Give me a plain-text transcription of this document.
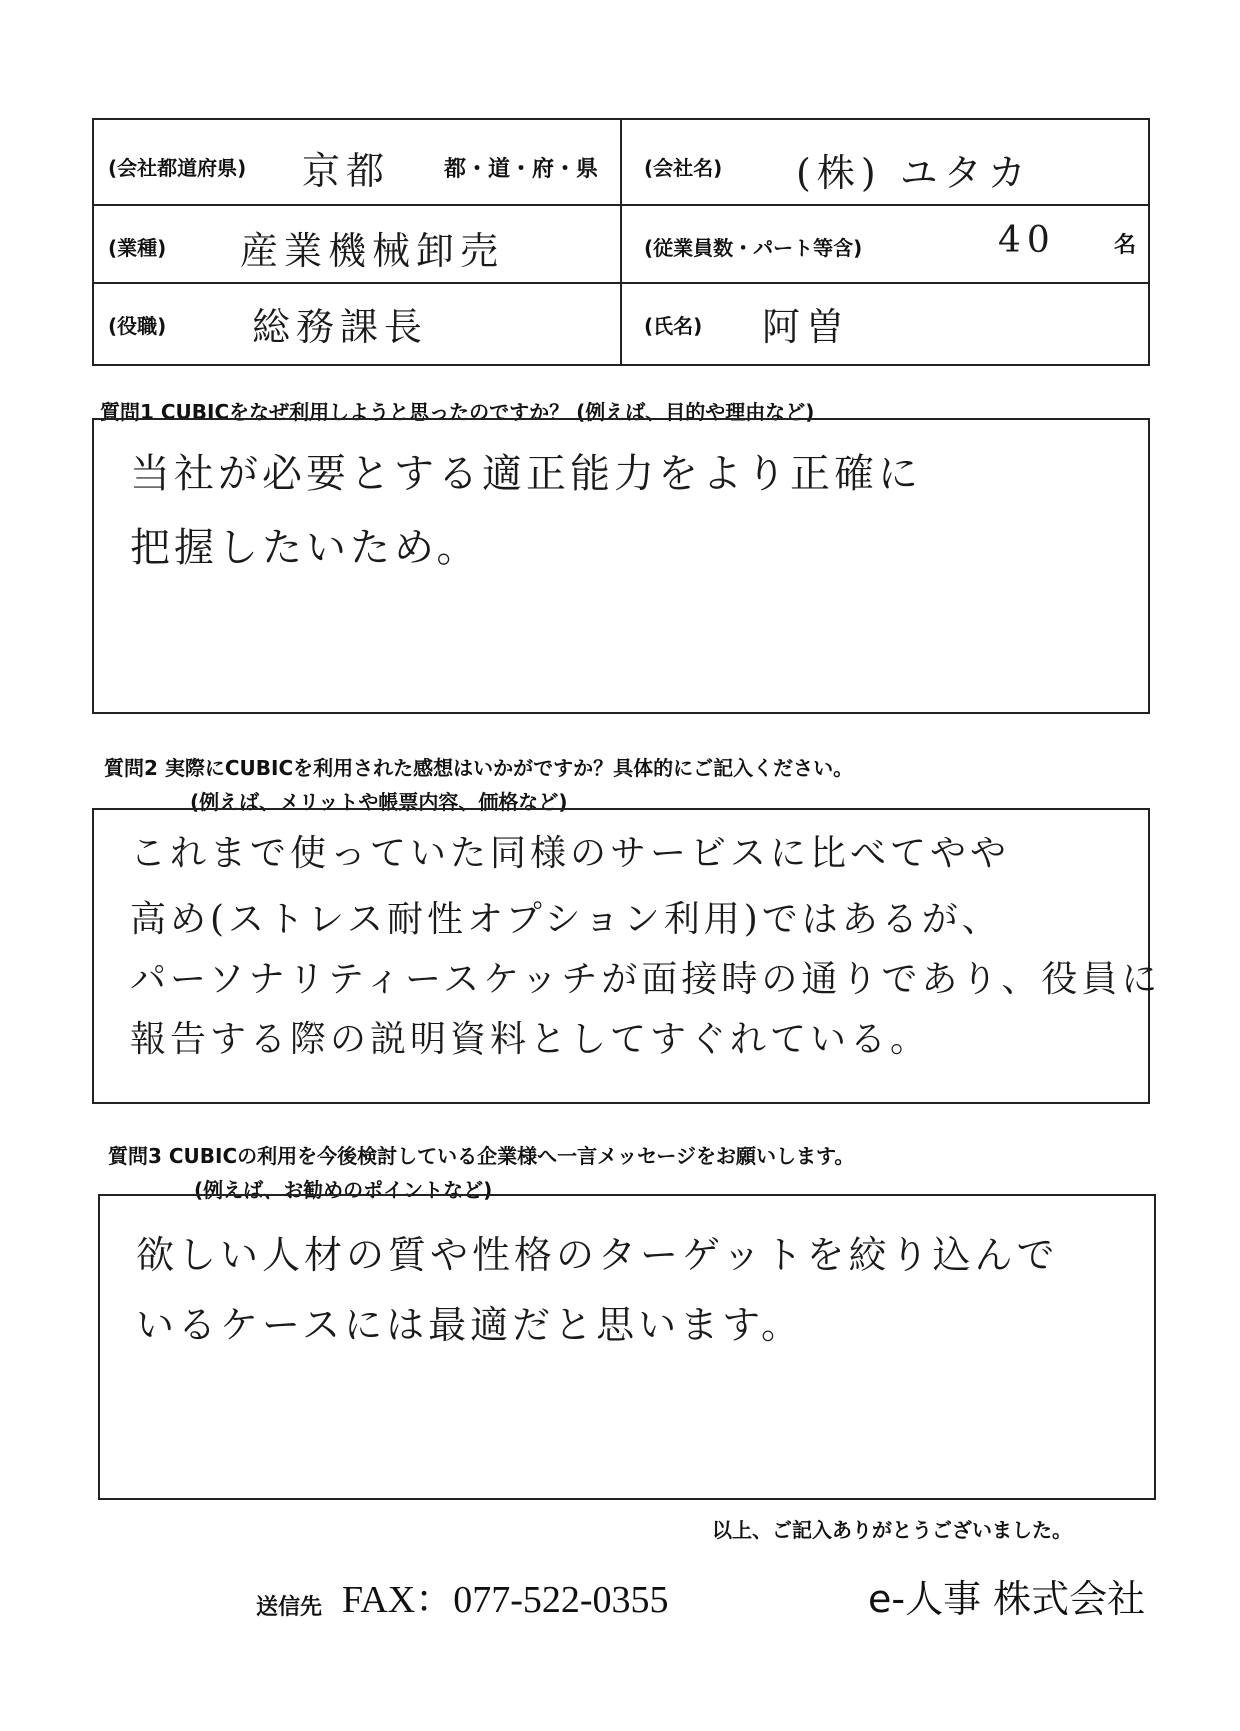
(会社都道府県) 京都 都・道・府・県 (会社名) (株) ユタカ
(業種) 産業機械卸売	(従業員数・パート等含)	40	名
(役職) 総務課長	(氏名) 阿曽
質問1 CUBICをなぜ利用しようと思ったのですか？ (例えば、目的や理由など)
当社が必要とする適正能力をより正確に
把握したいため。
質問2 実際にCUBICを利用された感想はいかがですか？具体的にご記入ください。
(例えば、メリットや帳票内容、価格など)
これまで使っていた同様のサービスに比べてやや
高め(ストレス耐性オプション利用)ではあるが、
パーソナリティースケッチが面接時の通りであり、役員に
報告する際の説明資料としてすぐれている。
質問3 CUBICの利用を今後検討している企業様へ一言メッセージをお願いします。
(例えば、お勧めのポイントなど)
欲しい人材の質や性格のターゲットを絞り込んで
いるケースには最適だと思います。
以上、ご記入ありがとうございました。
送信先 FAX：077-522-0355	e-人事 株式会社
